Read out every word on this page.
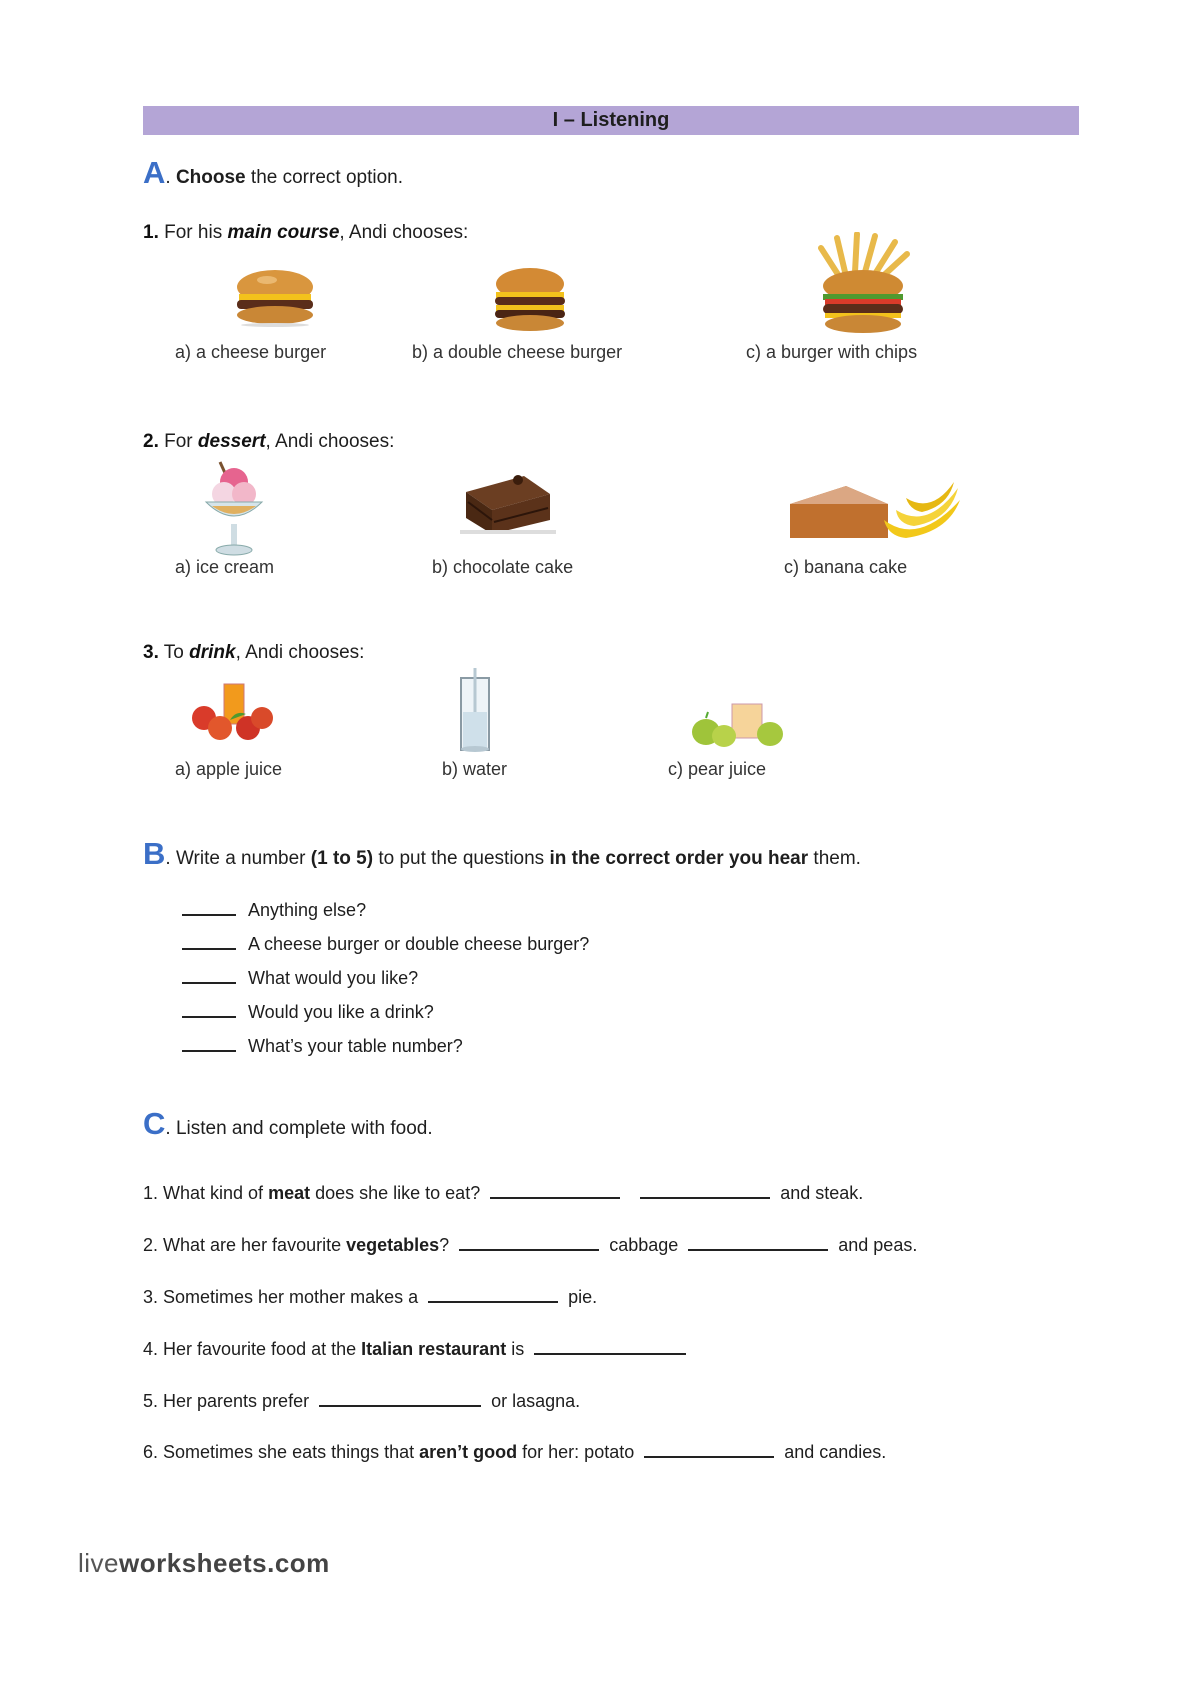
I – Listening
A. Choose the correct option.
1. For his main course, Andi chooses:
a) a cheese burger	b) a double cheese burger	c) a burger with chips
2. For dessert, Andi chooses:
a) ice cream	b) chocolate cake	c) banana cake
3. To drink, Andi chooses:
a) apple juice	b) water	c) pear juice
B. Write a number (1 to 5) to put the questions in the correct order you hear them.
Anything else?
A cheese burger or double cheese burger?
What would you like?
Would you like a drink?
What’s your table number?
C. Listen and complete with food.
1. What kind of meat does she like to eat?	and steak.
2. What are her favourite vegetables?	cabbage	and peas.
3. Sometimes her mother makes a	pie.
4. Her favourite food at the Italian restaurant is
5. Her parents prefer	or lasagna.
6. Sometimes she eats things that aren’t good for her: potato	and candies.
liveworksheets.com
